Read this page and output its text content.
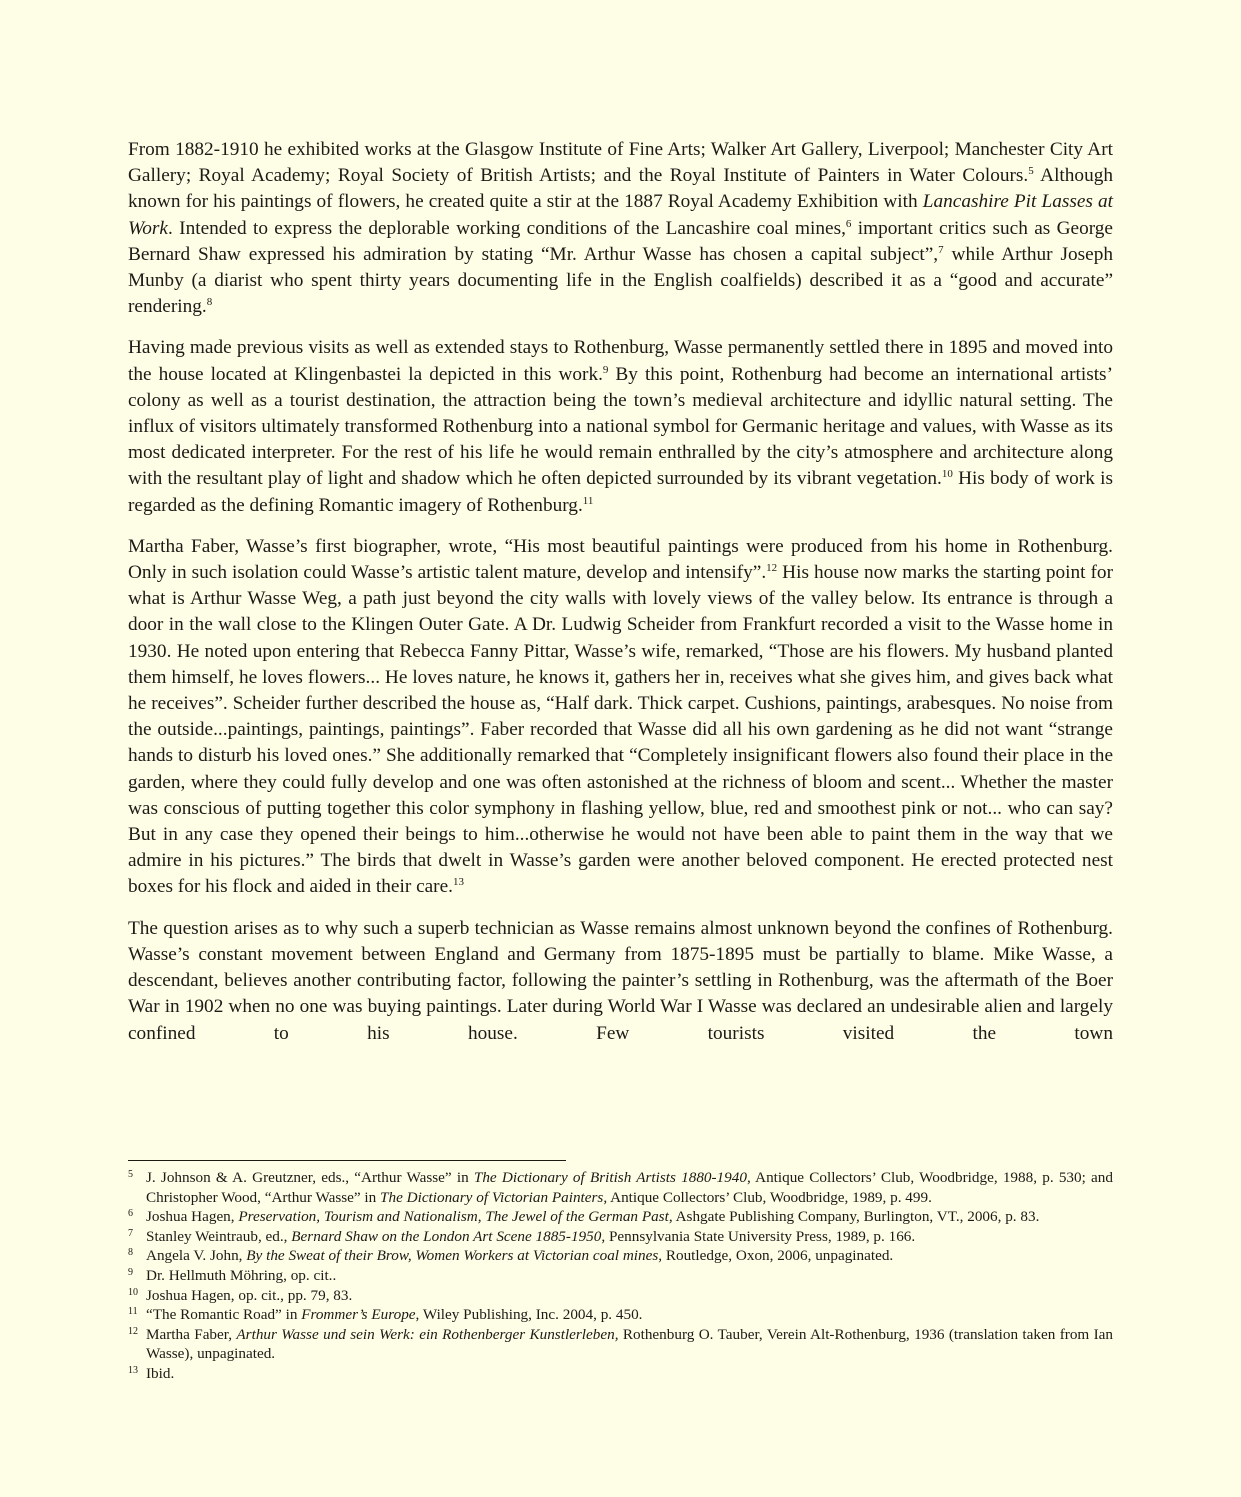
From 1882-1910 he exhibited works at the Glasgow Institute of Fine Arts; Walker Art Gallery, Liverpool; Manchester City Art Gallery; Royal Academy; Royal Society of British Artists; and the Royal Institute of Painters in Water Colours.$^5$ Although known for his paintings of flowers, he created quite a stir at the 1887 Royal Academy Exhibition with Lancashire Pit Lasses at Work. Intended to express the deplorable working conditions of the Lancashire coal mines,$^6$ important critics such as George Bernard Shaw expressed his admiration by stating “Mr. Arthur Wasse has chosen a capital subject”,$^7$ while Arthur Joseph Munby (a diarist who spent thirty years documenting life in the English coalfields) described it as a “good and accurate” rendering.$^8$

Having made previous visits as well as extended stays to Rothenburg, Wasse permanently settled there in 1895 and moved into the house located at Klingenbastei la depicted in this work.$^9$ By this point, Rothenburg had become an international artists’ colony as well as a tourist destination, the attraction being the town’s medieval architecture and idyllic natural setting. The influx of visitors ultimately transformed Rothenburg into a national symbol for Germanic heritage and values, with Wasse as its most dedicated interpreter. For the rest of his life he would remain enthralled by the city’s atmosphere and architecture along with the resultant play of light and shadow which he often depicted surrounded by its vibrant vegetation.$^{10}$ His body of work is regarded as the defining Romantic imagery of Rothenburg.$^{11}$

Martha Faber, Wasse’s first biographer, wrote, “His most beautiful paintings were produced from his home in Rothenburg. Only in such isolation could Wasse’s artistic talent mature, develop and intensify”.$^{12}$ His house now marks the starting point for what is Arthur Wasse Weg, a path just beyond the city walls with lovely views of the valley below. Its entrance is through a door in the wall close to the Klingen Outer Gate. A Dr. Ludwig Scheider from Frankfurt recorded a visit to the Wasse home in 1930. He noted upon entering that Rebecca Fanny Pittar, Wasse’s wife, remarked, “Those are his flowers. My husband planted them himself, he loves flowers... He loves nature, he knows it, gathers her in, receives what she gives him, and gives back what he receives”. Scheider further described the house as, “Half dark. Thick carpet. Cushions, paintings, arabesques. No noise from the outside...paintings, paintings, paintings”. Faber recorded that Wasse did all his own gardening as he did not want “strange hands to disturb his loved ones.” She additionally remarked that “Completely insignificant flowers also found their place in the garden, where they could fully develop and one was often astonished at the richness of bloom and scent... Whether the master was conscious of putting together this color symphony in flashing yellow, blue, red and smoothest pink or not... who can say? But in any case they opened their beings to him...otherwise he would not have been able to paint them in the way that we admire in his pictures.” The birds that dwelt in Wasse’s garden were another beloved component. He erected protected nest boxes for his flock and aided in their care.$^{13}$

The question arises as to why such a superb technician as Wasse remains almost unknown beyond the confines of Rothenburg. Wasse’s constant movement between England and Germany from 1875-1895 must be partially to blame. Mike Wasse, a descendant, believes another contributing factor, following the painter’s settling in Rothenburg, was the aftermath of the Boer War in 1902 when no one was buying paintings. Later during World War I Wasse was declared an undesirable alien and largely confined to his house. Few tourists visited the town

5 J. Johnson & A. Greutzner, eds., “Arthur Wasse” in The Dictionary of British Artists 1880-1940, Antique Collectors’ Club, Woodbridge, 1988, p. 530; and Christopher Wood, “Arthur Wasse” in The Dictionary of Victorian Painters, Antique Collectors’ Club, Woodbridge, 1989, p. 499.
6 Joshua Hagen, Preservation, Tourism and Nationalism, The Jewel of the German Past, Ashgate Publishing Company, Burlington, VT., 2006, p. 83.
7 Stanley Weintraub, ed., Bernard Shaw on the London Art Scene 1885-1950, Pennsylvania State University Press, 1989, p. 166.
8 Angela V. John, By the Sweat of their Brow, Women Workers at Victorian coal mines, Routledge, Oxon, 2006, unpaginated.
9 Dr. Hellmuth Möhring, op. cit..
10 Joshua Hagen, op. cit., pp. 79, 83.
11 “The Romantic Road” in Frommer’s Europe, Wiley Publishing, Inc. 2004, p. 450.
12 Martha Faber, Arthur Wasse und sein Werk: ein Rothenberger Kunstlerleben, Rothenburg O. Tauber, Verein Alt-Rothenburg, 1936 (translation taken from Ian Wasse), unpaginated.
13 Ibid.
